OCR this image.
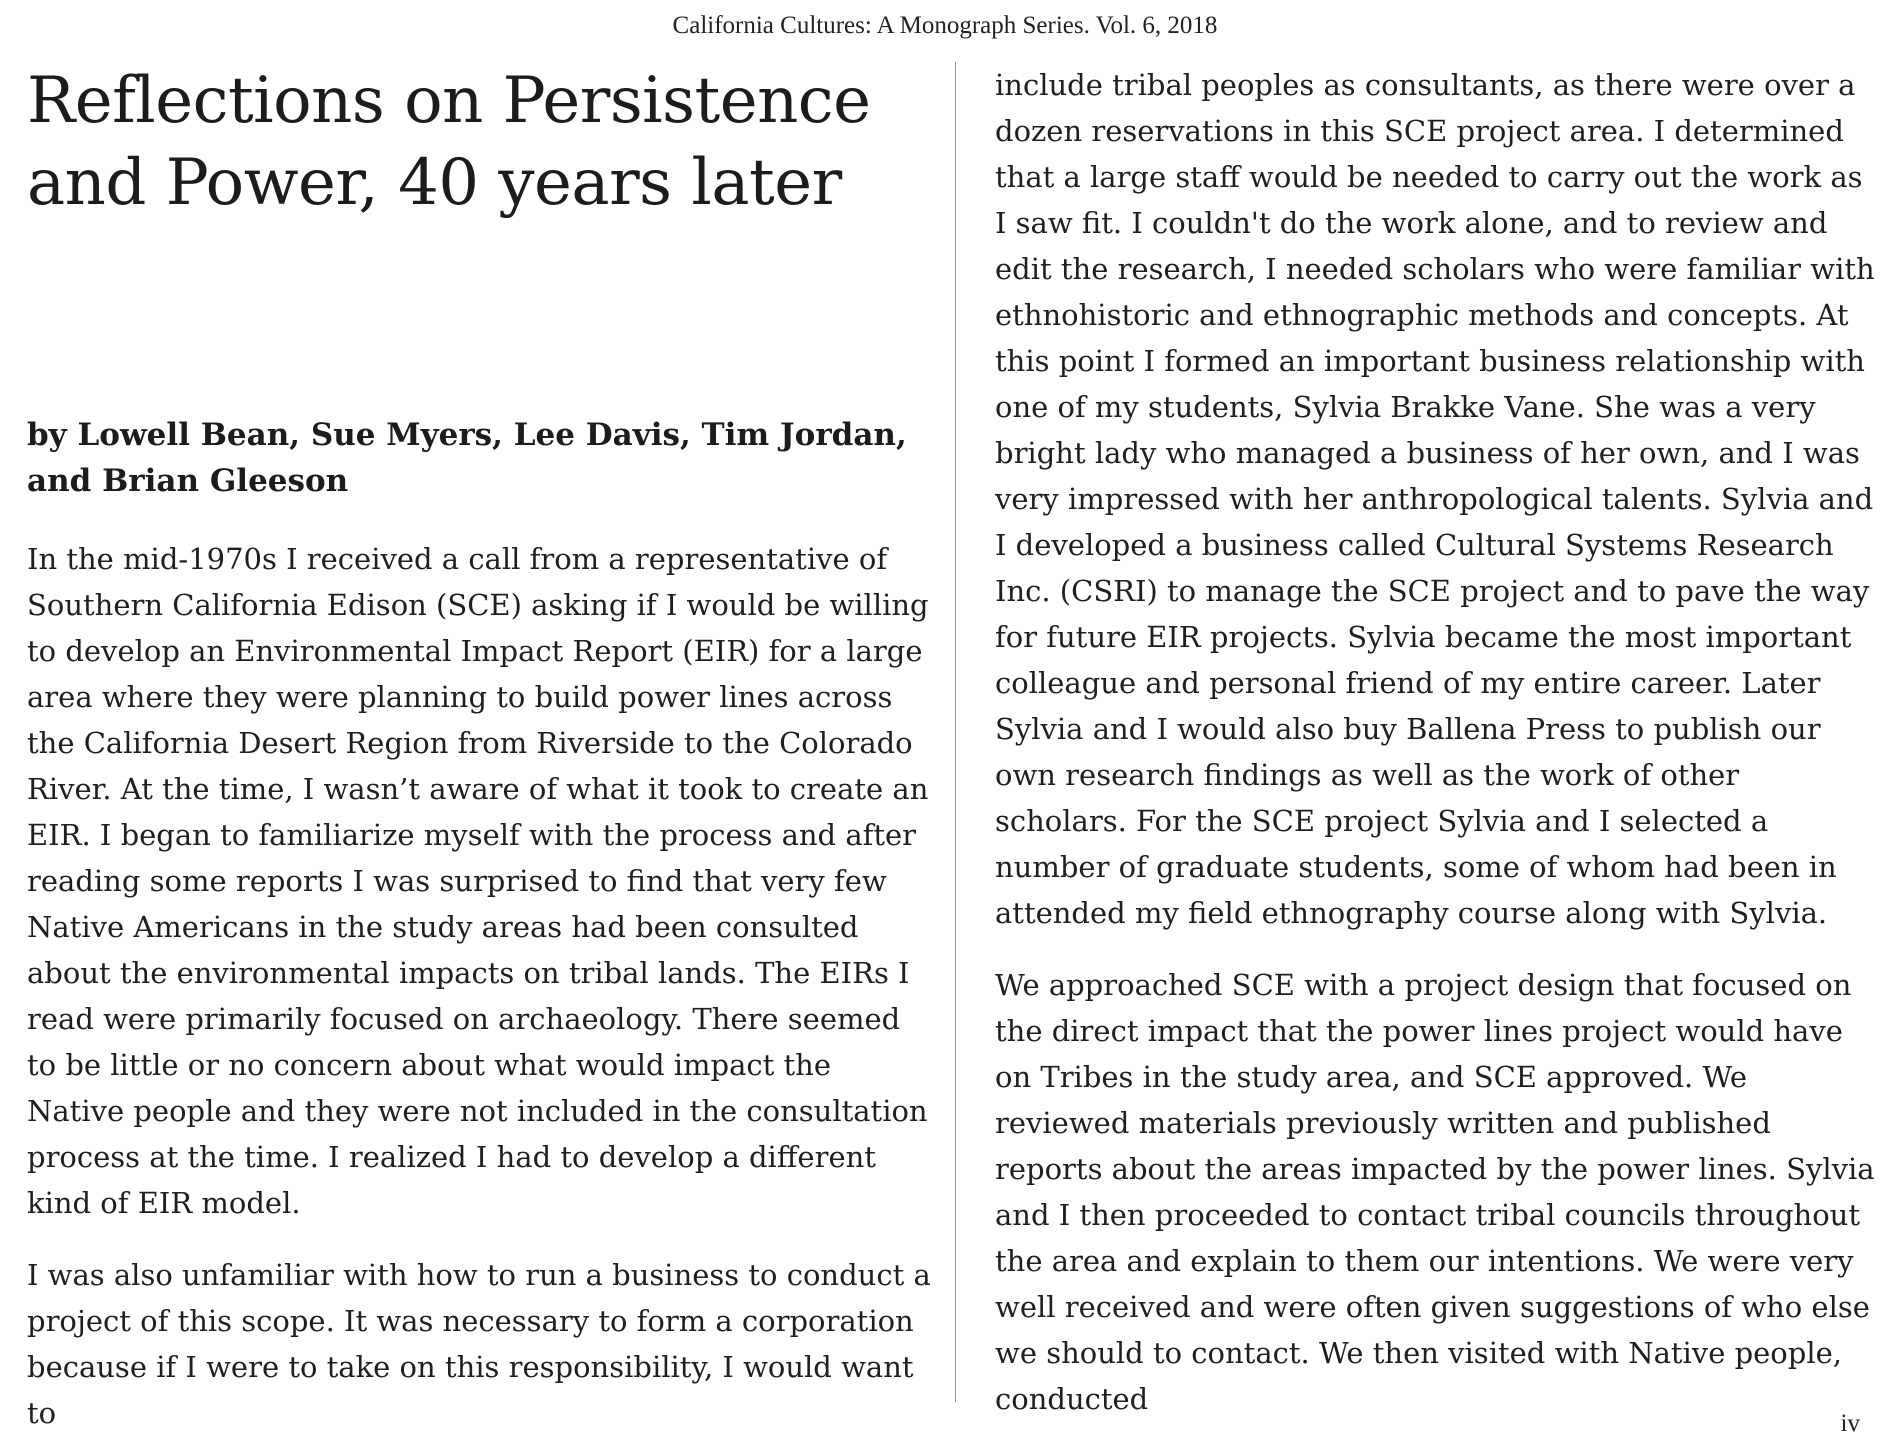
California Cultures: A Monograph Series. Vol. 6, 2018
Reflections on Persistence
and Power, 40 years later
by Lowell Bean, Sue Myers, Lee Davis, Tim Jordan,
and Brian Gleeson

In the mid-1970s I received a call from a representative of Southern California Edison (SCE) asking if I would be willing to develop an Environmental Impact Report (EIR) for a large area where they were planning to build power lines across the California Desert Region from Riverside to the Colorado River. At the time, I wasn’t aware of what it took to create an EIR. I began to familiarize myself with the process and after reading some reports I was surprised to find that very few Native Americans in the study areas had been consulted about the environmental impacts on tribal lands. The EIRs I read were primarily focused on archaeology. There seemed to be little or no concern about what would impact the Native people and they were not included in the consultation process at the time. I realized I had to develop a different kind of EIR model.

I was also unfamiliar with how to run a business to conduct a project of this scope. It was necessary to form a corporation because if I were to take on this responsibility, I would want to

include tribal peoples as consultants, as there were over a dozen reservations in this SCE project area. I determined that a large staff would be needed to carry out the work as I saw fit. I couldn't do the work alone, and to review and edit the research, I needed scholars who were familiar with ethnohistoric and ethnographic methods and concepts. At this point I formed an important business relationship with one of my students, Sylvia Brakke Vane. She was a very bright lady who managed a business of her own, and I was very impressed with her anthropological talents. Sylvia and I developed a business called Cultural Systems Research Inc. (CSRI) to manage the SCE project and to pave the way for future EIR projects. Sylvia became the most important colleague and personal friend of my entire career. Later Sylvia and I would also buy Ballena Press to publish our own research findings as well as the work of other scholars. For the SCE project Sylvia and I selected a number of graduate students, some of whom had been in attended my field ethnography course along with Sylvia.

We approached SCE with a project design that focused on the direct impact that the power lines project would have on Tribes in the study area, and SCE approved. We reviewed materials previously written and published reports about the areas impacted by the power lines. Sylvia and I then proceeded to contact tribal councils throughout the area and explain to them our intentions. We were very well received and were often given suggestions of who else we should to contact. We then visited with Native people, conducted

iv
